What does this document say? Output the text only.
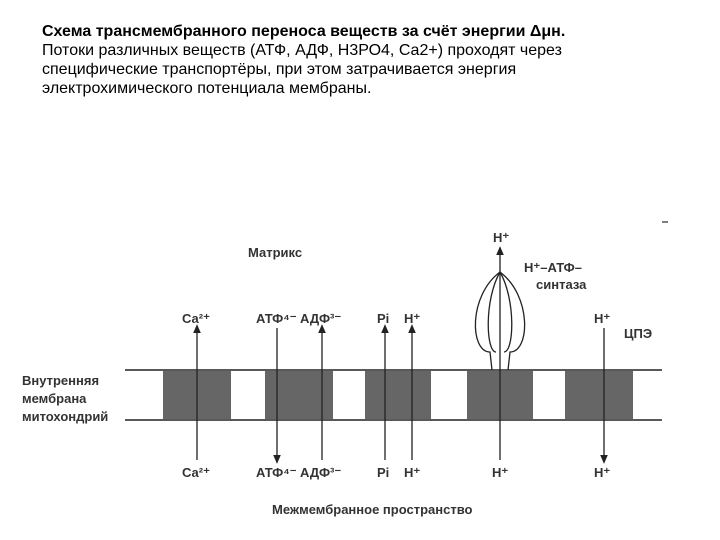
Схема трансмембранного переноса веществ за счёт энергии Δμн.
Потоки различных веществ (АТФ, АДФ, Н3РО4, Са2+) проходят через
специфические транспортёры, при этом затрачивается энергия
электрохимического потенциала мембраны.
Матрикс
Внутренняя
мембрана
митохондрий
ЦПЭ
Н⁺–АТФ–
синтаза
Са²⁺	АТФ⁴⁻ АДФ³⁻	Pi Н⁺
Н⁺
Н⁺
Са²⁺	АТФ⁴⁻ АДФ³⁻	Pi Н⁺	Н⁺	Н⁺
Межмембранное пространство
